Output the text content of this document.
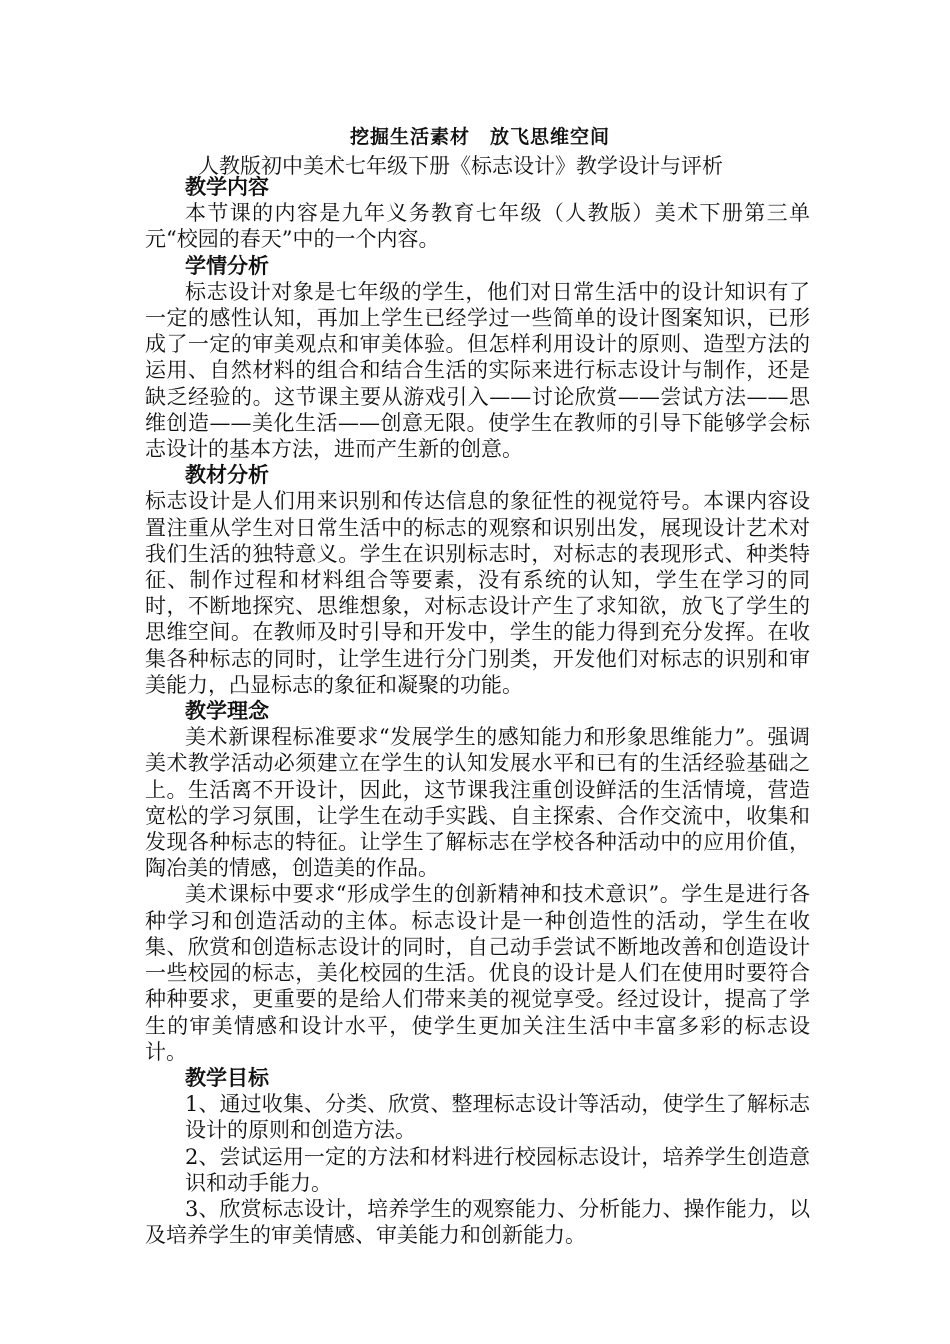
挖掘生活素材　放飞思维空间
人教版初中美术七年级下册《标志设计》教学设计与评析

教学内容

本节课的内容是九年义务教育七年级（人教版）美术下册第三单元“校园的春天”中的一个内容。

学情分析

标志设计对象是七年级的学生，他们对日常生活中的设计知识有了一定的感性认知，再加上学生已经学过一些简单的设计图案知识，已形成了一定的审美观点和审美体验。但怎样利用设计的原则、造型方法的运用、自然材料的组合和结合生活的实际来进行标志设计与制作，还是缺乏经验的。这节课主要从游戏引入——讨论欣赏——尝试方法——思维创造——美化生活——创意无限。使学生在教师的引导下能够学会标志设计的基本方法，进而产生新的创意。

教材分析

标志设计是人们用来识别和传达信息的象征性的视觉符号。本课内容设置注重从学生对日常生活中的标志的观察和识别出发，展现设计艺术对我们生活的独特意义。学生在识别标志时，对标志的表现形式、种类特征、制作过程和材料组合等要素，没有系统的认知，学生在学习的同时，不断地探究、思维想象，对标志设计产生了求知欲，放飞了学生的思维空间。在教师及时引导和开发中，学生的能力得到充分发挥。在收集各种标志的同时，让学生进行分门别类，开发他们对标志的识别和审美能力，凸显标志的象征和凝聚的功能。

教学理念

美术新课程标准要求“发展学生的感知能力和形象思维能力”。强调美术教学活动必须建立在学生的认知发展水平和已有的生活经验基础之上。生活离不开设计，因此，这节课我注重创设鲜活的生活情境，营造宽松的学习氛围，让学生在动手实践、自主探索、合作交流中，收集和发现各种标志的特征。让学生了解标志在学校各种活动中的应用价值，陶冶美的情感，创造美的作品。

美术课标中要求“形成学生的创新精神和技术意识”。学生是进行各种学习和创造活动的主体。标志设计是一种创造性的活动，学生在收集、欣赏和创造标志设计的同时，自己动手尝试不断地改善和创造设计一些校园的标志，美化校园的生活。优良的设计是人们在使用时要符合种种要求，更重要的是给人们带来美的视觉享受。经过设计，提高了学生的审美情感和设计水平，使学生更加关注生活中丰富多彩的标志设计。

教学目标

1、通过收集、分类、欣赏、整理标志设计等活动，使学生了解标志设计的原则和创造方法。

2、尝试运用一定的方法和材料进行校园标志设计，培养学生创造意识和动手能力。

3、欣赏标志设计，培养学生的观察能力、分析能力、操作能力，以及培养学生的审美情感、审美能力和创新能力。
